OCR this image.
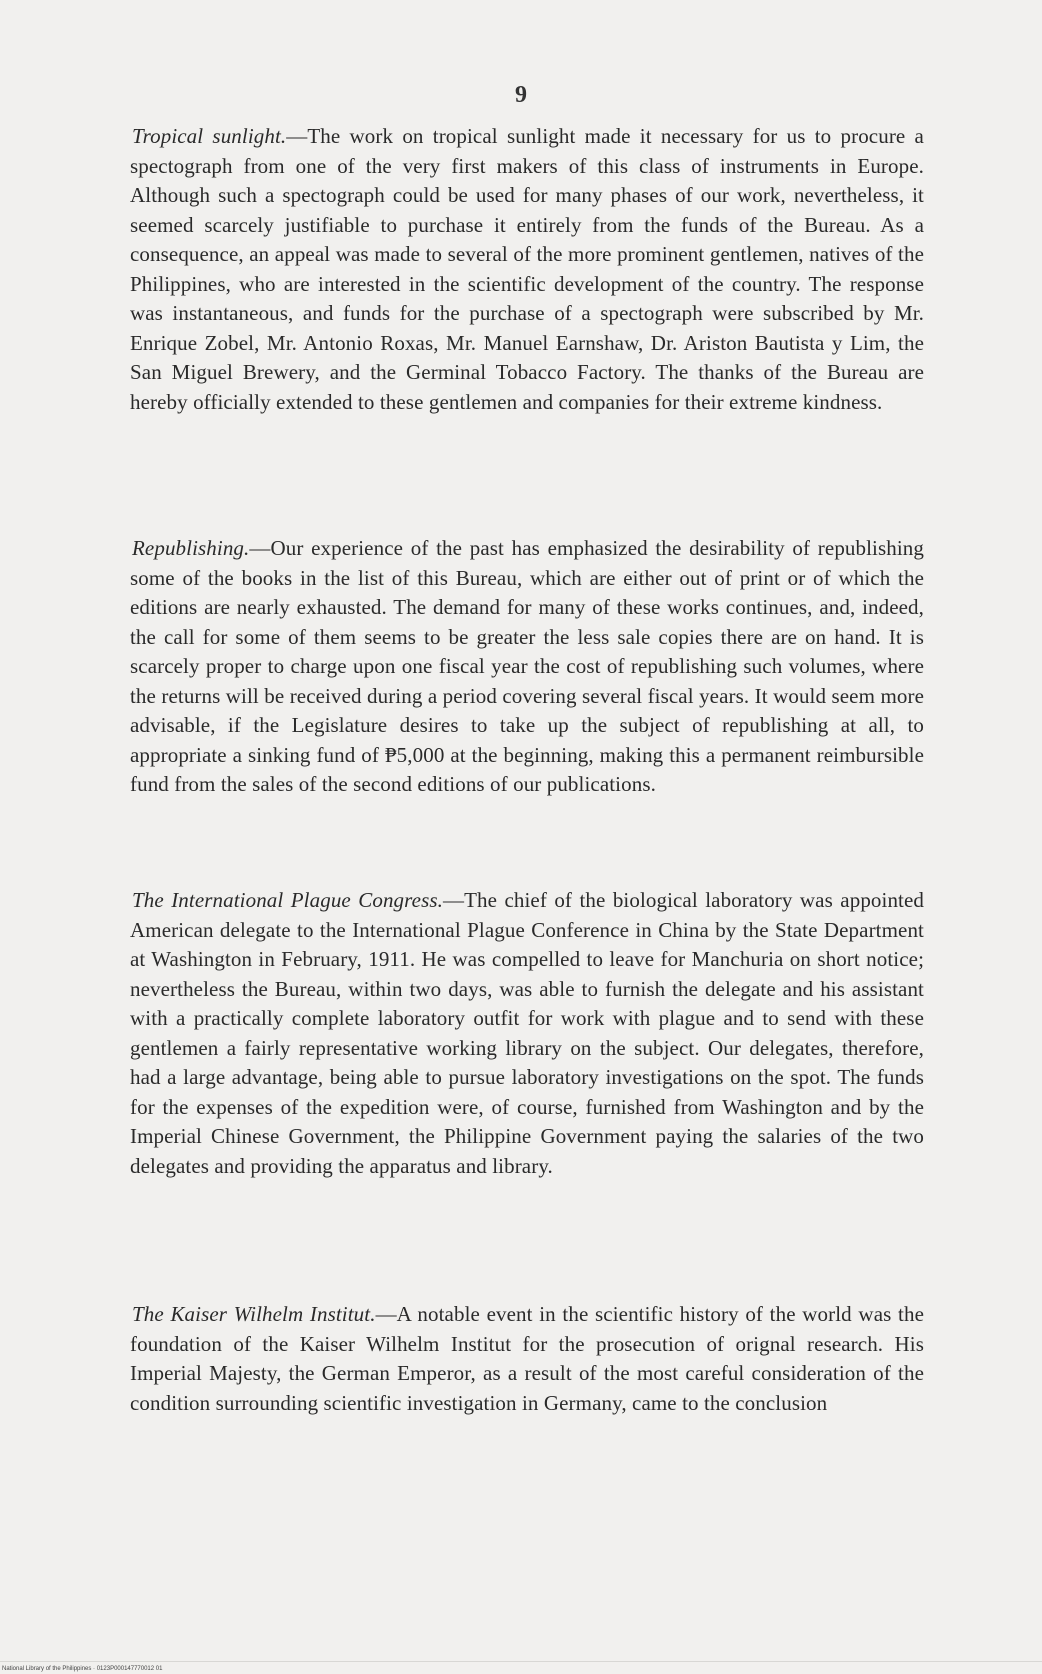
9
Tropical sunlight.—The work on tropical sunlight made it necessary for us to procure a spectograph from one of the very first makers of this class of instruments in Europe. Although such a spectograph could be used for many phases of our work, nevertheless, it seemed scarcely justifiable to purchase it entirely from the funds of the Bureau. As a consequence, an appeal was made to several of the more prominent gentlemen, natives of the Philippines, who are interested in the scientific development of the country. The response was instantaneous, and funds for the purchase of a spectograph were subscribed by Mr. Enrique Zobel, Mr. Antonio Roxas, Mr. Manuel Earnshaw, Dr. Ariston Bautista y Lim, the San Miguel Brewery, and the Germinal Tobacco Factory. The thanks of the Bureau are hereby officially extended to these gentlemen and companies for their extreme kindness.
Republishing.—Our experience of the past has emphasized the desirability of republishing some of the books in the list of this Bureau, which are either out of print or of which the editions are nearly exhausted. The demand for many of these works continues, and, indeed, the call for some of them seems to be greater the less sale copies there are on hand. It is scarcely proper to charge upon one fiscal year the cost of republishing such volumes, where the returns will be received during a period covering several fiscal years. It would seem more advisable, if the Legislature desires to take up the subject of republishing at all, to appropriate a sinking fund of ₱5,000 at the beginning, making this a permanent reimbursible fund from the sales of the second editions of our publications.
The International Plague Congress.—The chief of the biological laboratory was appointed American delegate to the International Plague Conference in China by the State Department at Washington in February, 1911. He was compelled to leave for Manchuria on short notice; nevertheless the Bureau, within two days, was able to furnish the delegate and his assistant with a practically complete laboratory outfit for work with plague and to send with these gentlemen a fairly representative working library on the subject. Our delegates, therefore, had a large advantage, being able to pursue laboratory investigations on the spot. The funds for the expenses of the expedition were, of course, furnished from Washington and by the Imperial Chinese Government, the Philippine Government paying the salaries of the two delegates and providing the apparatus and library.
The Kaiser Wilhelm Institut.—A notable event in the scientific history of the world was the foundation of the Kaiser Wilhelm Institut for the prosecution of orignal research. His Imperial Majesty, the German Emperor, as a result of the most careful consideration of the condition surrounding scientific investigation in Germany, came to the conclusion
National Library of the Philippines · 0123P000147770012 01
